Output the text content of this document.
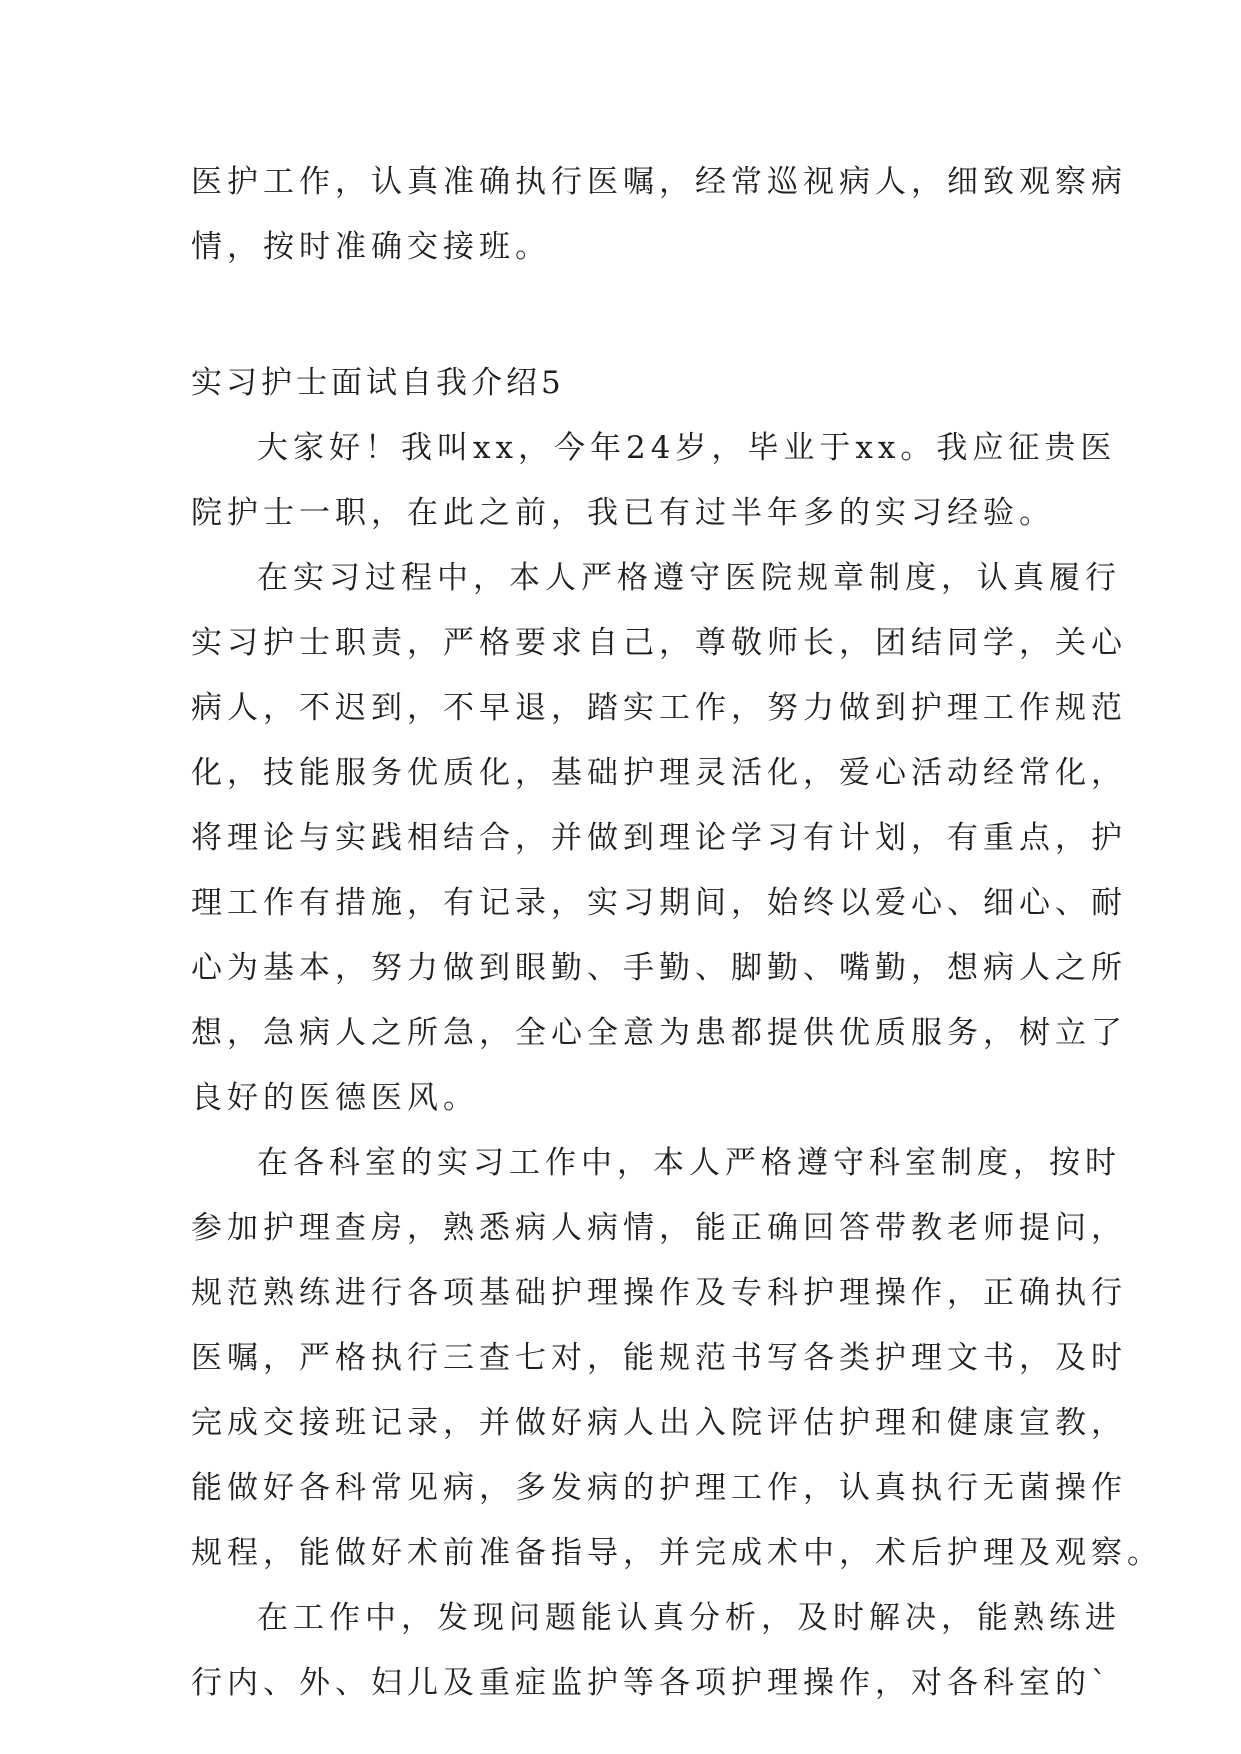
医护工作，认真准确执行医嘱，经常巡视病人，细致观察病
情，按时准确交接班。
实习护士面试自我介绍5
大家好！我叫xx，今年24岁，毕业于xx。我应征贵医
院护士一职，在此之前，我已有过半年多的实习经验。
在实习过程中，本人严格遵守医院规章制度，认真履行
实习护士职责，严格要求自己，尊敬师长，团结同学，关心
病人，不迟到，不早退，踏实工作，努力做到护理工作规范
化，技能服务优质化，基础护理灵活化，爱心活动经常化，
将理论与实践相结合，并做到理论学习有计划，有重点，护
理工作有措施，有记录，实习期间，始终以爱心、细心、耐
心为基本，努力做到眼勤、手勤、脚勤、嘴勤，想病人之所
想，急病人之所急，全心全意为患都提供优质服务，树立了
良好的医德医风。
在各科室的实习工作中，本人严格遵守科室制度，按时
参加护理查房，熟悉病人病情，能正确回答带教老师提问，
规范熟练进行各项基础护理操作及专科护理操作，正确执行
医嘱，严格执行三查七对，能规范书写各类护理文书，及时
完成交接班记录，并做好病人出入院评估护理和健康宣教，
能做好各科常见病，多发病的护理工作，认真执行无菌操作
规程，能做好术前准备指导，并完成术中，术后护理及观察。
在工作中，发现问题能认真分析，及时解决，能熟练进
行内、外、妇儿及重症监护等各项护理操作，对各科室的`
